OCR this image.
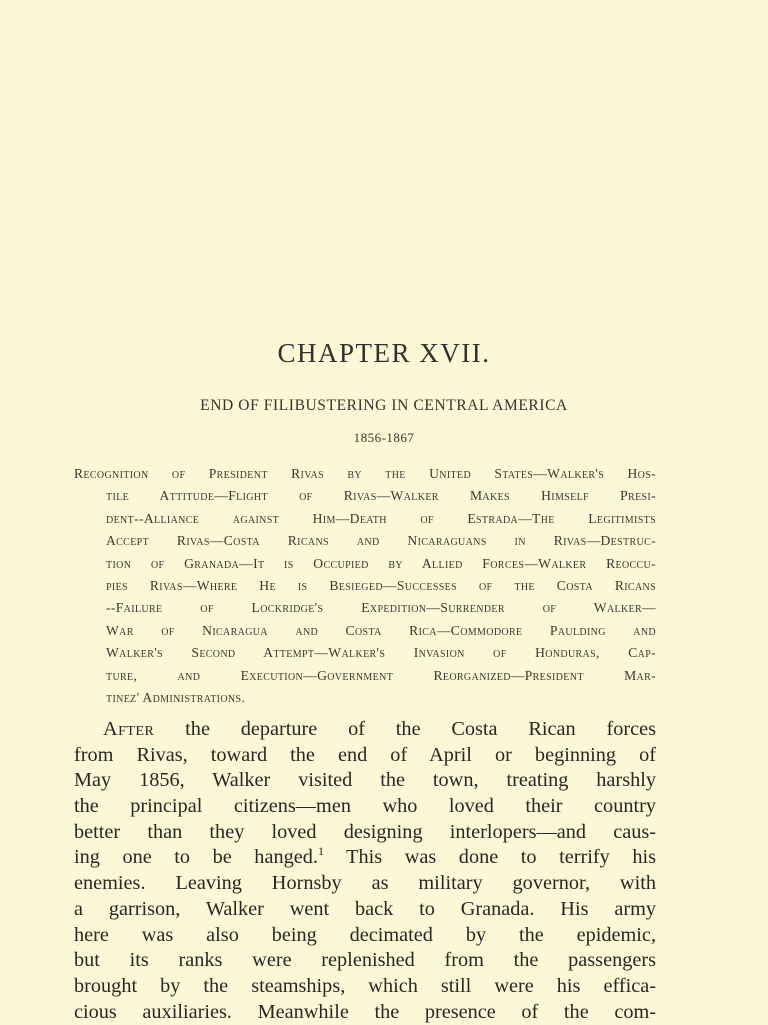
CHAPTER XVII.
END OF FILIBUSTERING IN CENTRAL AMERICA
1856-1867
Recognition of President Rivas by the United States—Walker's Hos-
tile Attitude—Flight of Rivas—Walker Makes Himself Presi-
dent--Alliance against Him—Death of Estrada—The Legitimists
Accept Rivas—Costa Ricans and Nicaraguans in Rivas—Destruc-
tion of Granada—It is Occupied by Allied Forces—Walker Reoccu-
pies Rivas—Where He is Besieged—Successes of the Costa Ricans
--Failure of Lockridge's Expedition—Surrender of Walker—
War of Nicaragua and Costa Rica—Commodore Paulding and
Walker's Second Attempt—Walker's Invasion of Honduras, Cap-
ture, and Execution—Government Reorganized—President Mar-
tinez' Administrations.
After the departure of the Costa Rican forces
from Rivas, toward the end of April or beginning of
May 1856, Walker visited the town, treating harshly
the principal citizens—men who loved their country
better than they loved designing interlopers—and caus-
ing one to be hanged.$^1$ This was done to terrify his
enemies. Leaving Hornsby as military governor, with
a garrison, Walker went back to Granada. His army
here was also being decimated by the epidemic,
but its ranks were replenished from the passengers
brought by the steamships, which still were his effica-
cious auxiliaries. Meanwhile the presence of the com-
